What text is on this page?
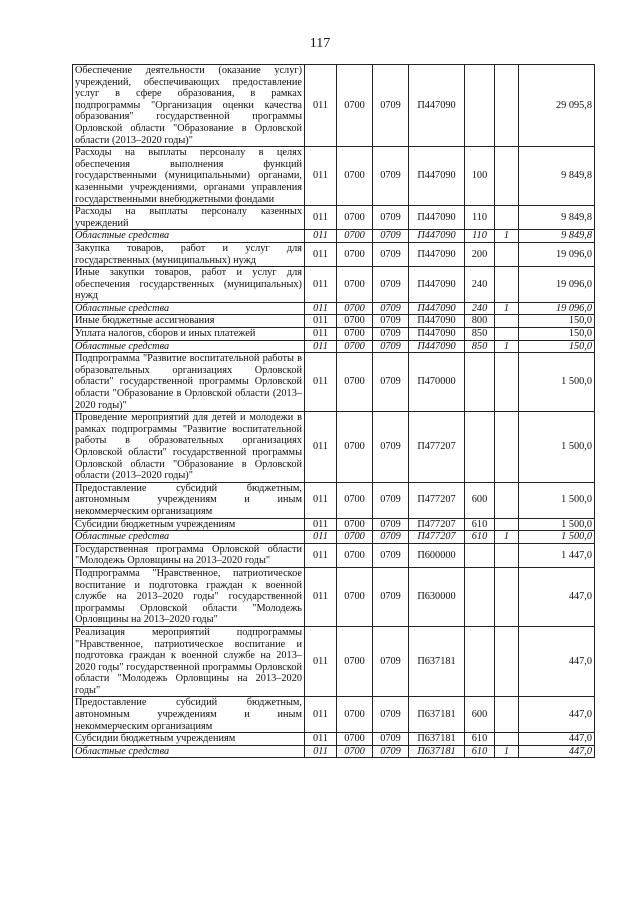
117
Обеспечение деятельности (оказание услуг) учреждений, обеспечивающих предоставление услуг в сфере образования, в рамках подпрограммы "Организация оценки качества образования" государственной программы Орловской области "Образование в Орловской области (2013–2020 годы)"	011	0700	0709	П447090			29 095,8
Расходы на выплаты персоналу в целях обеспечения выполнения функций государственными (муниципальными) органами, казенными учреждениями, органами управления государственными внебюджетными фондами	011	0700	0709	П447090	100		9 849,8
Расходы на выплаты персоналу казенных учреждений	011	0700	0709	П447090	110		9 849,8
Областные средства	011	0700	0709	П447090	110	1	9 849,8
Закупка товаров, работ и услуг для государственных (муниципальных) нужд	011	0700	0709	П447090	200		19 096,0
Иные закупки товаров, работ и услуг для обеспечения государственных (муниципальных) нужд	011	0700	0709	П447090	240		19 096,0
Областные средства	011	0700	0709	П447090	240	1	19 096,0
Иные бюджетные ассигнования	011	0700	0709	П447090	800		150,0
Уплата налогов, сборов и иных платежей	011	0700	0709	П447090	850		150,0
Областные средства	011	0700	0709	П447090	850	1	150,0
Подпрограмма "Развитие воспитательной работы в образовательных организациях Орловской области" государственной программы Орловской области "Образование в Орловской области (2013–2020 годы)"	011	0700	0709	П470000			1 500,0
Проведение мероприятий для детей и молодежи в рамках подпрограммы "Развитие воспитательной работы в образовательных организациях Орловской области" государственной программы Орловской области "Образование в Орловской области (2013–2020 годы)"	011	0700	0709	П477207			1 500,0
Предоставление субсидий бюджетным, автономным учреждениям и иным некоммерческим организациям	011	0700	0709	П477207	600		1 500,0
Субсидии бюджетным учреждениям	011	0700	0709	П477207	610		1 500,0
Областные средства	011	0700	0709	П477207	610	1	1 500,0
Государственная программа Орловской области "Молодежь Орловщины на 2013–2020 годы"	011	0700	0709	П600000			1 447,0
Подпрограмма "Нравственное, патриотическое воспитание и подготовка граждан к военной службе на 2013–2020 годы" государственной программы Орловской области "Молодежь Орловщины на 2013–2020 годы"	011	0700	0709	П630000			447,0
Реализация мероприятий подпрограммы "Нравственное, патриотическое воспитание и подготовка граждан к военной службе на 2013–2020 годы" государственной программы Орловской области "Молодежь Орловщины на 2013–2020 годы"	011	0700	0709	П637181			447,0
Предоставление субсидий бюджетным, автономным учреждениям и иным некоммерческим организациям	011	0700	0709	П637181	600		447,0
Субсидии бюджетным учреждениям	011	0700	0709	П637181	610		447,0
Областные средства	011	0700	0709	П637181	610	1	447,0
